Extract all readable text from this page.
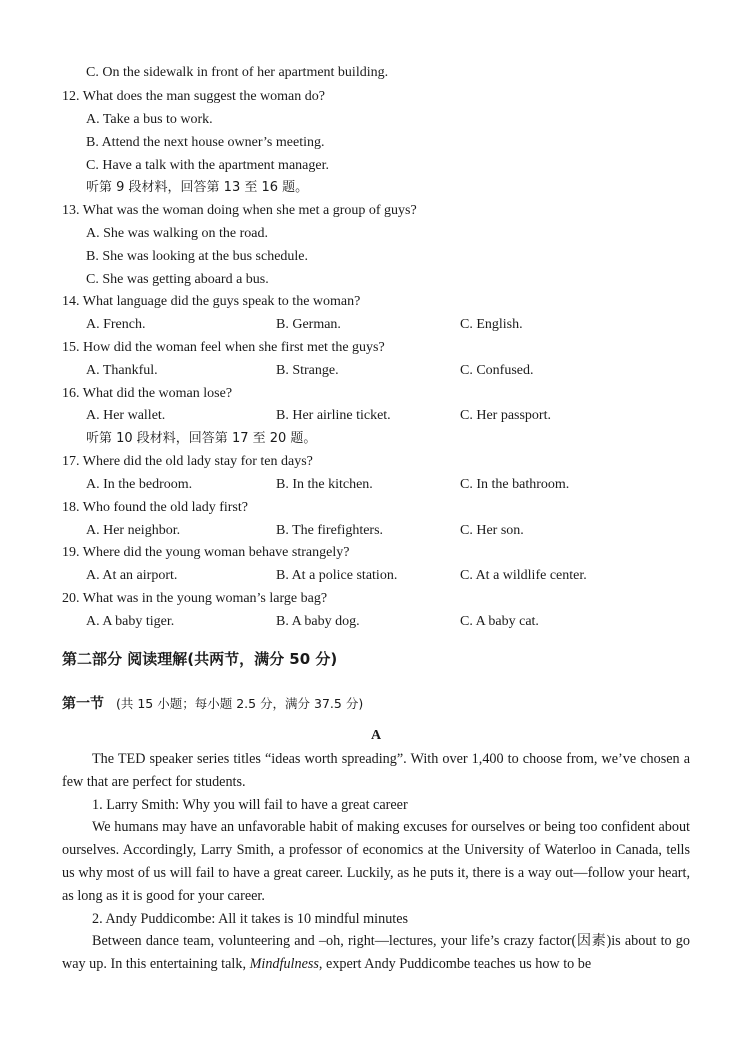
C. On the sidewalk in front of her apartment building.
12. What does the man suggest the woman do?
A. Take a bus to work.
B. Attend the next house owner’s meeting.
C. Have a talk with the apartment manager.
听第 9 段材料，回答第 13 至 16 题。
13. What was the woman doing when she met a group of guys?
A. She was walking on the road.
B. She was looking at the bus schedule.
C. She was getting aboard a bus.
14. What language did the guys speak to the woman?
A. French.	B. German.	C. English.
15. How did the woman feel when she first met the guys?
A. Thankful.	B. Strange.	C. Confused.
16. What did the woman lose?
A. Her wallet.	B. Her airline ticket.	C. Her passport.
听第 10 段材料，回答第 17 至 20 题。
17. Where did the old lady stay for ten days?
A. In the bedroom.	B. In the kitchen.	C. In the bathroom.
18. Who found the old lady first?
A. Her neighbor.	B. The firefighters.	C. Her son.
19. Where did the young woman behave strangely?
A. At an airport.	B. At a police station.	C. At a wildlife center.
20. What was in the young woman’s large bag?
A. A baby tiger.	B. A baby dog.	C. A baby cat.
第二部分 阅读理解(共两节，满分 50 分)
第一节 (共 15 小题；每小题 2.5 分，满分 37.5 分)
A
The TED speaker series titles “ideas worth spreading”. With over 1,400 to choose from, we’ve chosen a few that are perfect for students.
1. Larry Smith: Why you will fail to have a great career
We humans may have an unfavorable habit of making excuses for ourselves or being too confident about ourselves. Accordingly, Larry Smith, a professor of economics at the University of Waterloo in Canada, tells us why most of us will fail to have a great career. Luckily, as he puts it, there is a way out—follow your heart, as long as it is good for your career.
2. Andy Puddicombe: All it takes is 10 mindful minutes
Between dance team, volunteering and –oh, right—lectures, your life’s crazy factor(因素)is about to go way up. In this entertaining talk, Mindfulness, expert Andy Puddicombe teaches us how to be
